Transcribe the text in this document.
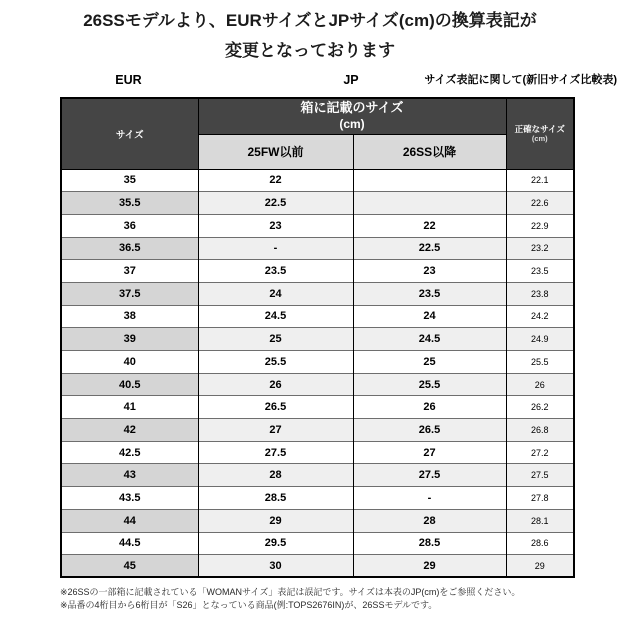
26SSモデルより、EURサイズとJPサイズ(cm)の換算表記が
変更となっております
EUR	JP	サイズ表記に関して(新旧サイズ比較表)
サイズ	
箱に記載のサイズ
(cm)	正確なサイズ
(cm)

	25FW以前	26SS以降	
35	22		22.1
35.5	22.5		22.6
36	23	22	22.9
36.5	-	22.5	23.2
37	23.5	23	23.5
37.5	24	23.5	23.8
38	24.5	24	24.2
39	25	24.5	24.9
40	25.5	25	25.5
40.5	26	25.5	26
41	26.5	26	26.2
42	27	26.5	26.8
42.5	27.5	27	27.2
43	28	27.5	27.5
43.5	28.5	-	27.8
44	29	28	28.1
44.5	29.5	28.5	28.6
45	30	29	29
※26SSの一部箱に記載されている「WOMANサイズ」表記は誤記です。サイズは本表のJP(cm)をご参照ください。
※品番の4桁目から6桁目が「S26」となっている商品(例:TOPS2676IN)が、26SSモデルです。
